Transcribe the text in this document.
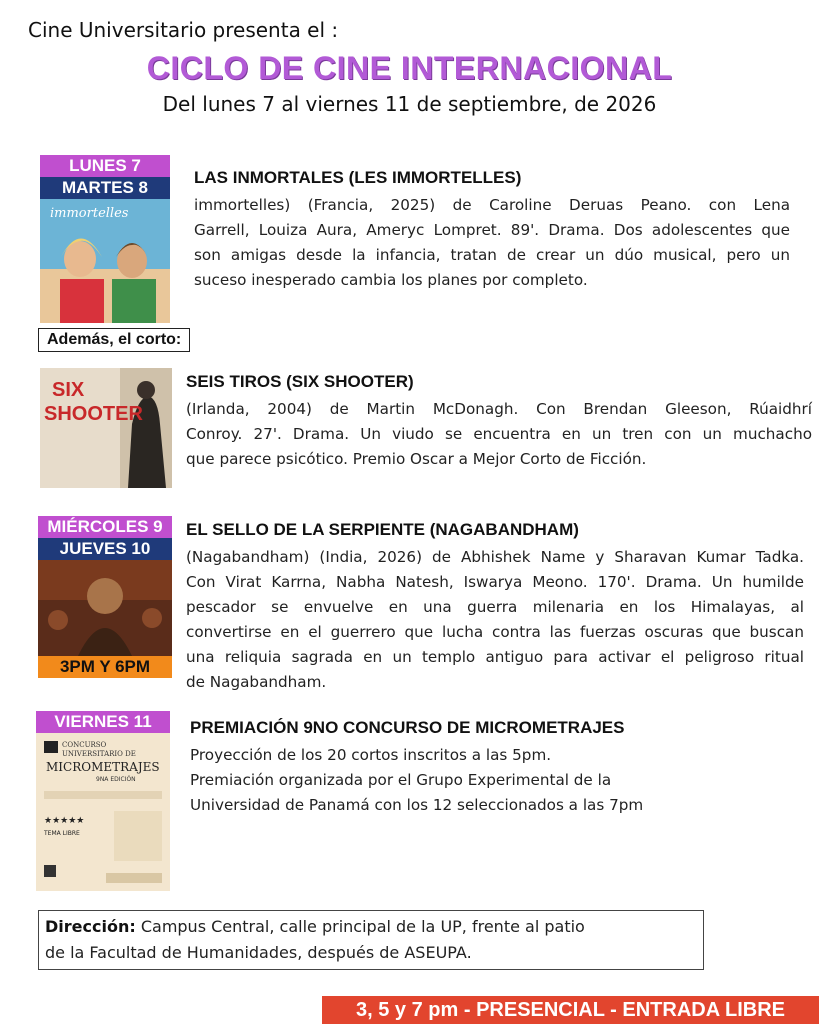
Cine Universitario presenta el :
CICLO DE CINE INTERNACIONAL
Del lunes 7 al viernes 11 de septiembre, de 2026
LUNES 7
MARTES 8
immortelles
LAS INMORTALES (LES IMMORTELLES)
immortelles) (Francia, 2025) de Caroline Deruas Peano. con Lena
Garrell, Louiza Aura, Ameryc Lompret. 89'. Drama. Dos adolescentes que
son amigas desde la infancia, tratan de crear un dúo musical, pero un
suceso inesperado cambia los planes por completo.
Además, el corto:
SIX
SHOOTER
SEIS TIROS (SIX SHOOTER)
(Irlanda, 2004) de Martin McDonagh. Con Brendan Gleeson, Rúaidhrí
Conroy. 27'. Drama. Un viudo se encuentra en un tren con un muchacho
que parece psicótico. Premio Oscar a Mejor Corto de Ficción.
MIÉRCOLES 9
JUEVES 10
3PM Y 6PM
EL SELLO DE LA SERPIENTE (NAGABANDHAM)
(Nagabandham) (India, 2026) de Abhishek Name y Sharavan Kumar Tadka.
Con Virat Karrna, Nabha Natesh, Iswarya Meono. 170'. Drama. Un humilde
pescador se envuelve en una guerra milenaria en los Himalayas, al
convertirse en el guerrero que lucha contra las fuerzas oscuras que buscan
una reliquia sagrada en un templo antiguo para activar el peligroso ritual
de Nagabandham.
VIERNES 11
CONCURSO
UNIVERSITARIO DE
MICROMETRAJES
9NA EDICIÓN
★★★★★
TEMA LIBRE
PREMIACIÓN 9NO CONCURSO DE MICROMETRAJES
Proyección de los 20 cortos inscritos a las 5pm.
Premiación organizada por el Grupo Experimental de la
Universidad de Panamá con los 12 seleccionados a las 7pm
Dirección: Campus Central, calle principal de la UP, frente al patio
de la Facultad de Humanidades, después de ASEUPA.
3, 5 y 7 pm - PRESENCIAL - ENTRADA LIBRE
